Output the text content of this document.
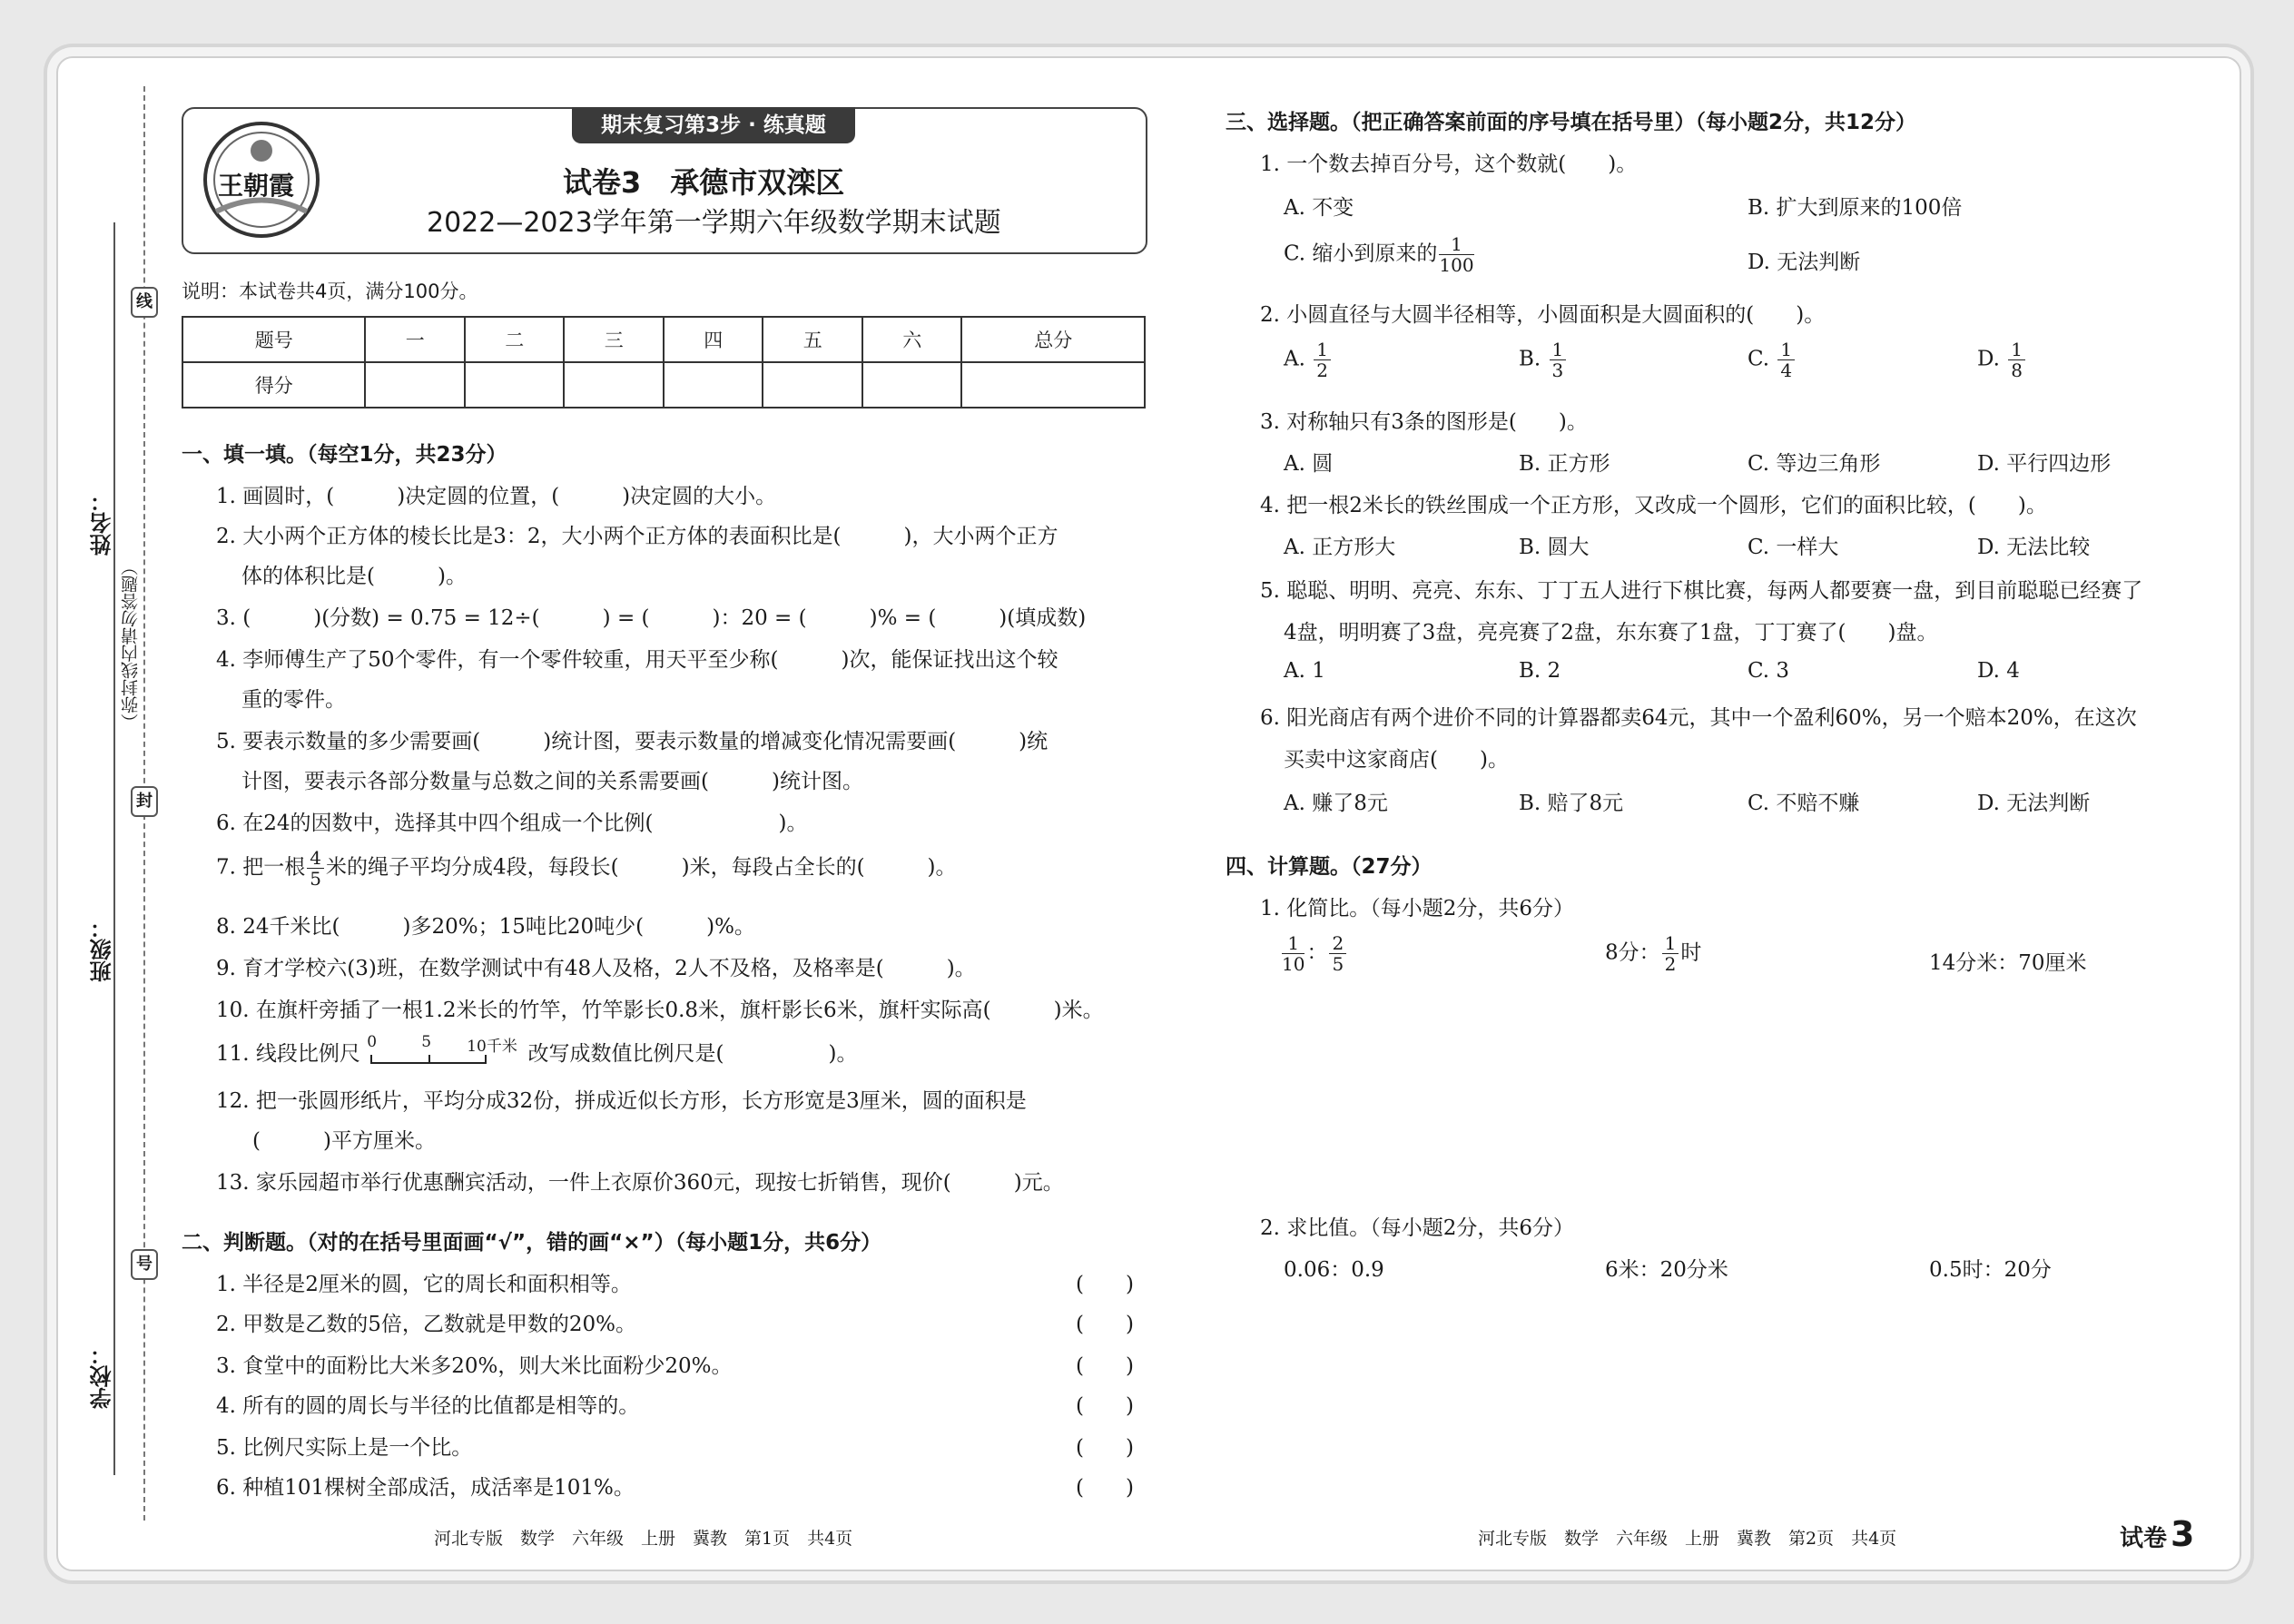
线
封
号
姓名：
班级：
学校：
（弥封线内请勿答题）
王朝霞
期末复习第3步 · 练真题
试卷3　承德市双滦区
2022—2023学年第一学期六年级数学期末试题
说明：本试卷共4页，满分100分。
题号	一	二	三	四	五	六	总分
得分							
一、填一填。（每空1分，共23分）
1. 画圆时，(　　　)决定圆的位置，(　　　)决定圆的大小。
2. 大小两个正方体的棱长比是3：2，大小两个正方体的表面积比是(　　　)，大小两个正方
体的体积比是(　　　)。
3. (　　　)(分数) = 0.75 = 12÷(　　　) = (　　　)：20 = (　　　)% = (　　　)(填成数)
4. 李师傅生产了50个零件，有一个零件较重，用天平至少称(　　　)次，能保证找出这个较
重的零件。
5. 要表示数量的多少需要画(　　　)统计图，要表示数量的增减变化情况需要画(　　　)统
计图，要表示各部分数量与总数之间的关系需要画(　　　)统计图。
6. 在24的因数中，选择其中四个组成一个比例(　　　　　　)。
7. 把一根 $\frac{4}{5}$ 米的绳子平均分成4段，每段长(　　　)米，每段占全长的(　　　)。
8. 24千米比(　　　)多20%；15吨比20吨少(　　　)%。
9. 育才学校六(3)班，在数学测试中有48人及格，2人不及格，及格率是(　　　)。
10. 在旗杆旁插了一根1.2米长的竹竿，竹竿影长0.8米，旗杆影长6米，旗杆实际高(　　　)米。
11. 线段比例尺 0	5 10千米 改写成数值比例尺是(　　　　　)。
12. 把一张圆形纸片，平均分成32份，拼成近似长方形，长方形宽是3厘米，圆的面积是
(　　　)平方厘米。
13. 家乐园超市举行优惠酬宾活动，一件上衣原价360元，现按七折销售，现价(　　　)元。
二、判断题。（对的在括号里面画“√”，错的画“×”）（每小题1分，共6分）
1. 半径是2厘米的圆，它的周长和面积相等。
2. 甲数是乙数的5倍，乙数就是甲数的20%。
3. 食堂中的面粉比大米多20%，则大米比面粉少20%。
4. 所有的圆的周长与半径的比值都是相等的。
5. 比例尺实际上是一个比。
6. 种植101棵树全部成活，成活率是101%。
(　　)
(　　)
(　　)
(　　)
(　　)
(　　)
河北专版　数学　六年级　上册　冀教　第1页　共4页
三、选择题。（把正确答案前面的序号填在括号里）（每小题2分，共12分）
1. 一个数去掉百分号，这个数就(　　)。
A. 不变	B. 扩大到原来的100倍
C. 缩小到原来的 $\frac{1}{100}$	D. 无法判断
2. 小圆直径与大圆半径相等，小圆面积是大圆面积的(　　)。
A. $\frac{1}{2}$	B. $\frac{1}{3}$	C. $\frac{1}{4}$	D. $\frac{1}{8}$
3. 对称轴只有3条的图形是(　　)。
A. 圆	B. 正方形	C. 等边三角形	D. 平行四边形
4. 把一根2米长的铁丝围成一个正方形，又改成一个圆形，它们的面积比较，(　　)。
A. 正方形大	B. 圆大	C. 一样大	D. 无法比较
5. 聪聪、明明、亮亮、东东、丁丁五人进行下棋比赛，每两人都要赛一盘，到目前聪聪已经赛了
4盘，明明赛了3盘，亮亮赛了2盘，东东赛了1盘，丁丁赛了(　　)盘。
A. 1	B. 2	C. 3	D. 4
6. 阳光商店有两个进价不同的计算器都卖64元，其中一个盈利60%，另一个赔本20%，在这次
买卖中这家商店(　　)。
A. 赚了8元	B. 赔了8元	C. 不赔不赚	D. 无法判断
四、计算题。（27分）
1. 化简比。（每小题2分，共6分）
$\frac{1}{10}$ ： $\frac{2}{5}$	8分： $\frac{1}{2}$ 时	14分米：70厘米
2. 求比值。（每小题2分，共6分）
0.06：0.9	6米：20分米	0.5时：20分
河北专版　数学　六年级　上册　冀教　第2页　共4页	试卷 3
